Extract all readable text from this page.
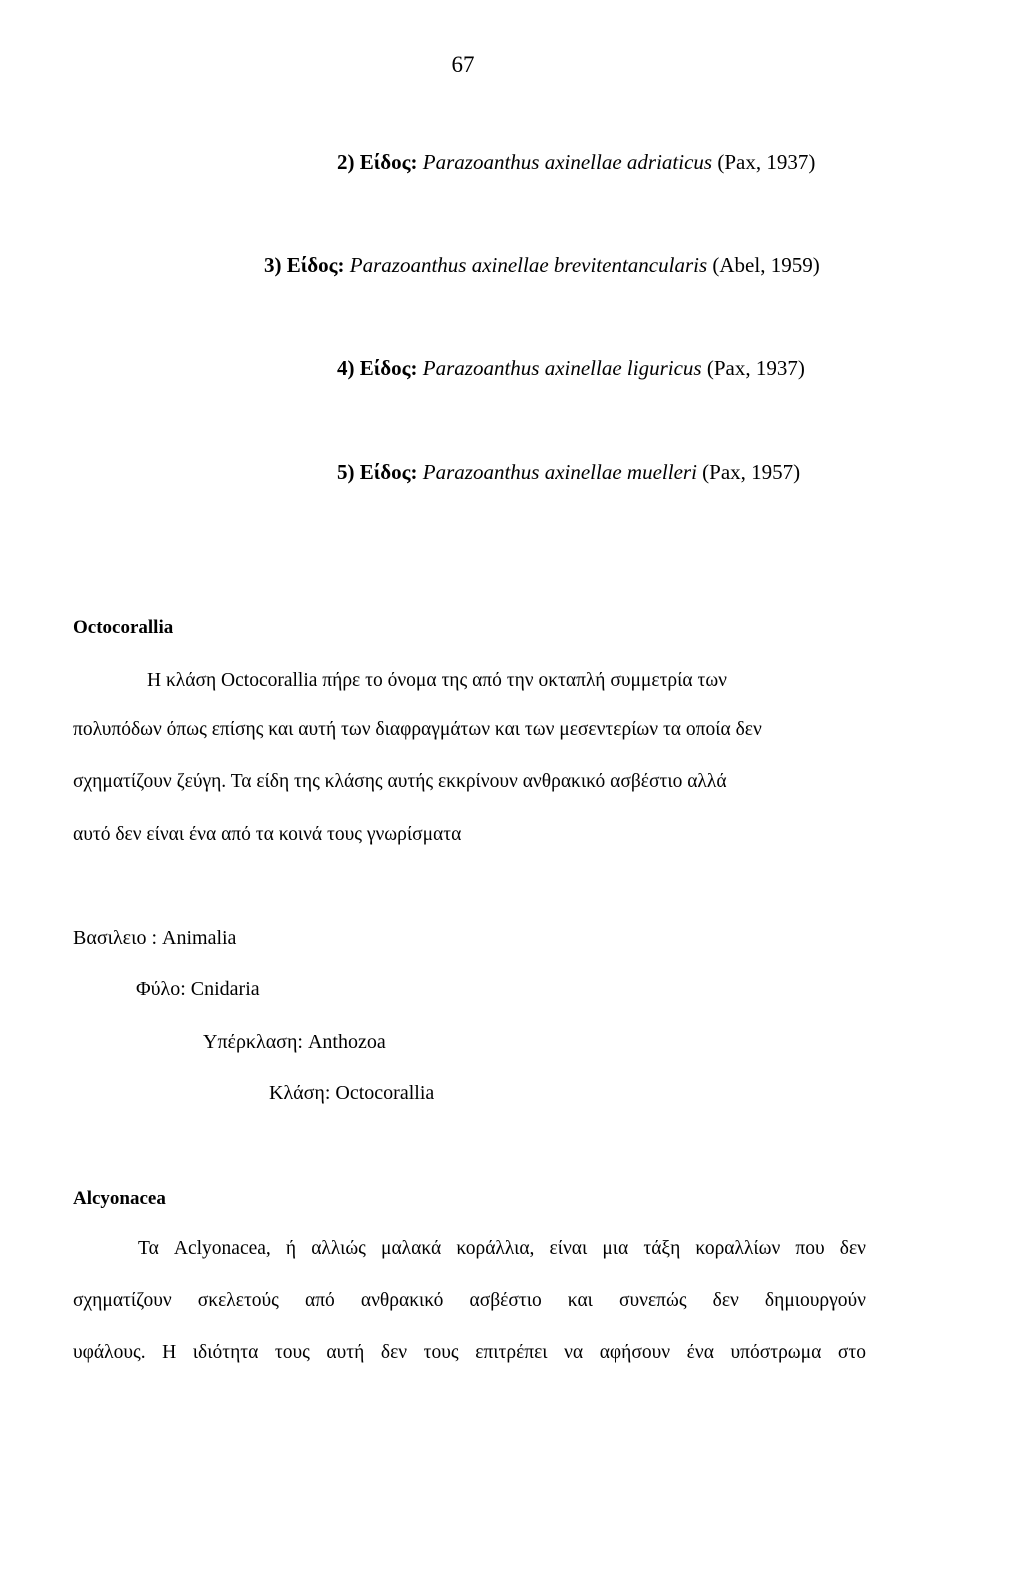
67
2) Είδος: Parazoanthus axinellae adriaticus (Pax, 1937)
3) Είδος: Parazoanthus axinellae brevitentancularis (Abel, 1959)
4) Είδος: Parazoanthus axinellae liguricus (Pax, 1937)
5) Είδος: Parazoanthus axinellae muelleri (Pax, 1957)
Octocorallia
Η κλάση Octocorallia πήρε το όνομα της από την οκταπλή συμμετρία των
πολυπόδων όπως επίσης και αυτή των διαφραγμάτων και των μεσεντερίων τα οποία δεν
σχηματίζουν ζεύγη. Τα είδη της κλάσης αυτής εκκρίνουν ανθρακικό ασβέστιο αλλά
αυτό δεν είναι ένα από τα κοινά τους γνωρίσματα
Βασιλειο : Animalia
Φύλο: Cnidaria
Υπέρκλαση: Anthozoa
Κλάση: Octocorallia
Alcyonacea
Τα Aclyonacea, ή αλλιώς μαλακά κοράλλια, είναι μια τάξη κοραλλίων που δεν
σχηματίζουν σκελετούς από ανθρακικό ασβέστιο και συνεπώς δεν δημιουργούν
υφάλους. Η ιδιότητα τους αυτή δεν τους επιτρέπει να αφήσουν ένα υπόστρωμα στο
